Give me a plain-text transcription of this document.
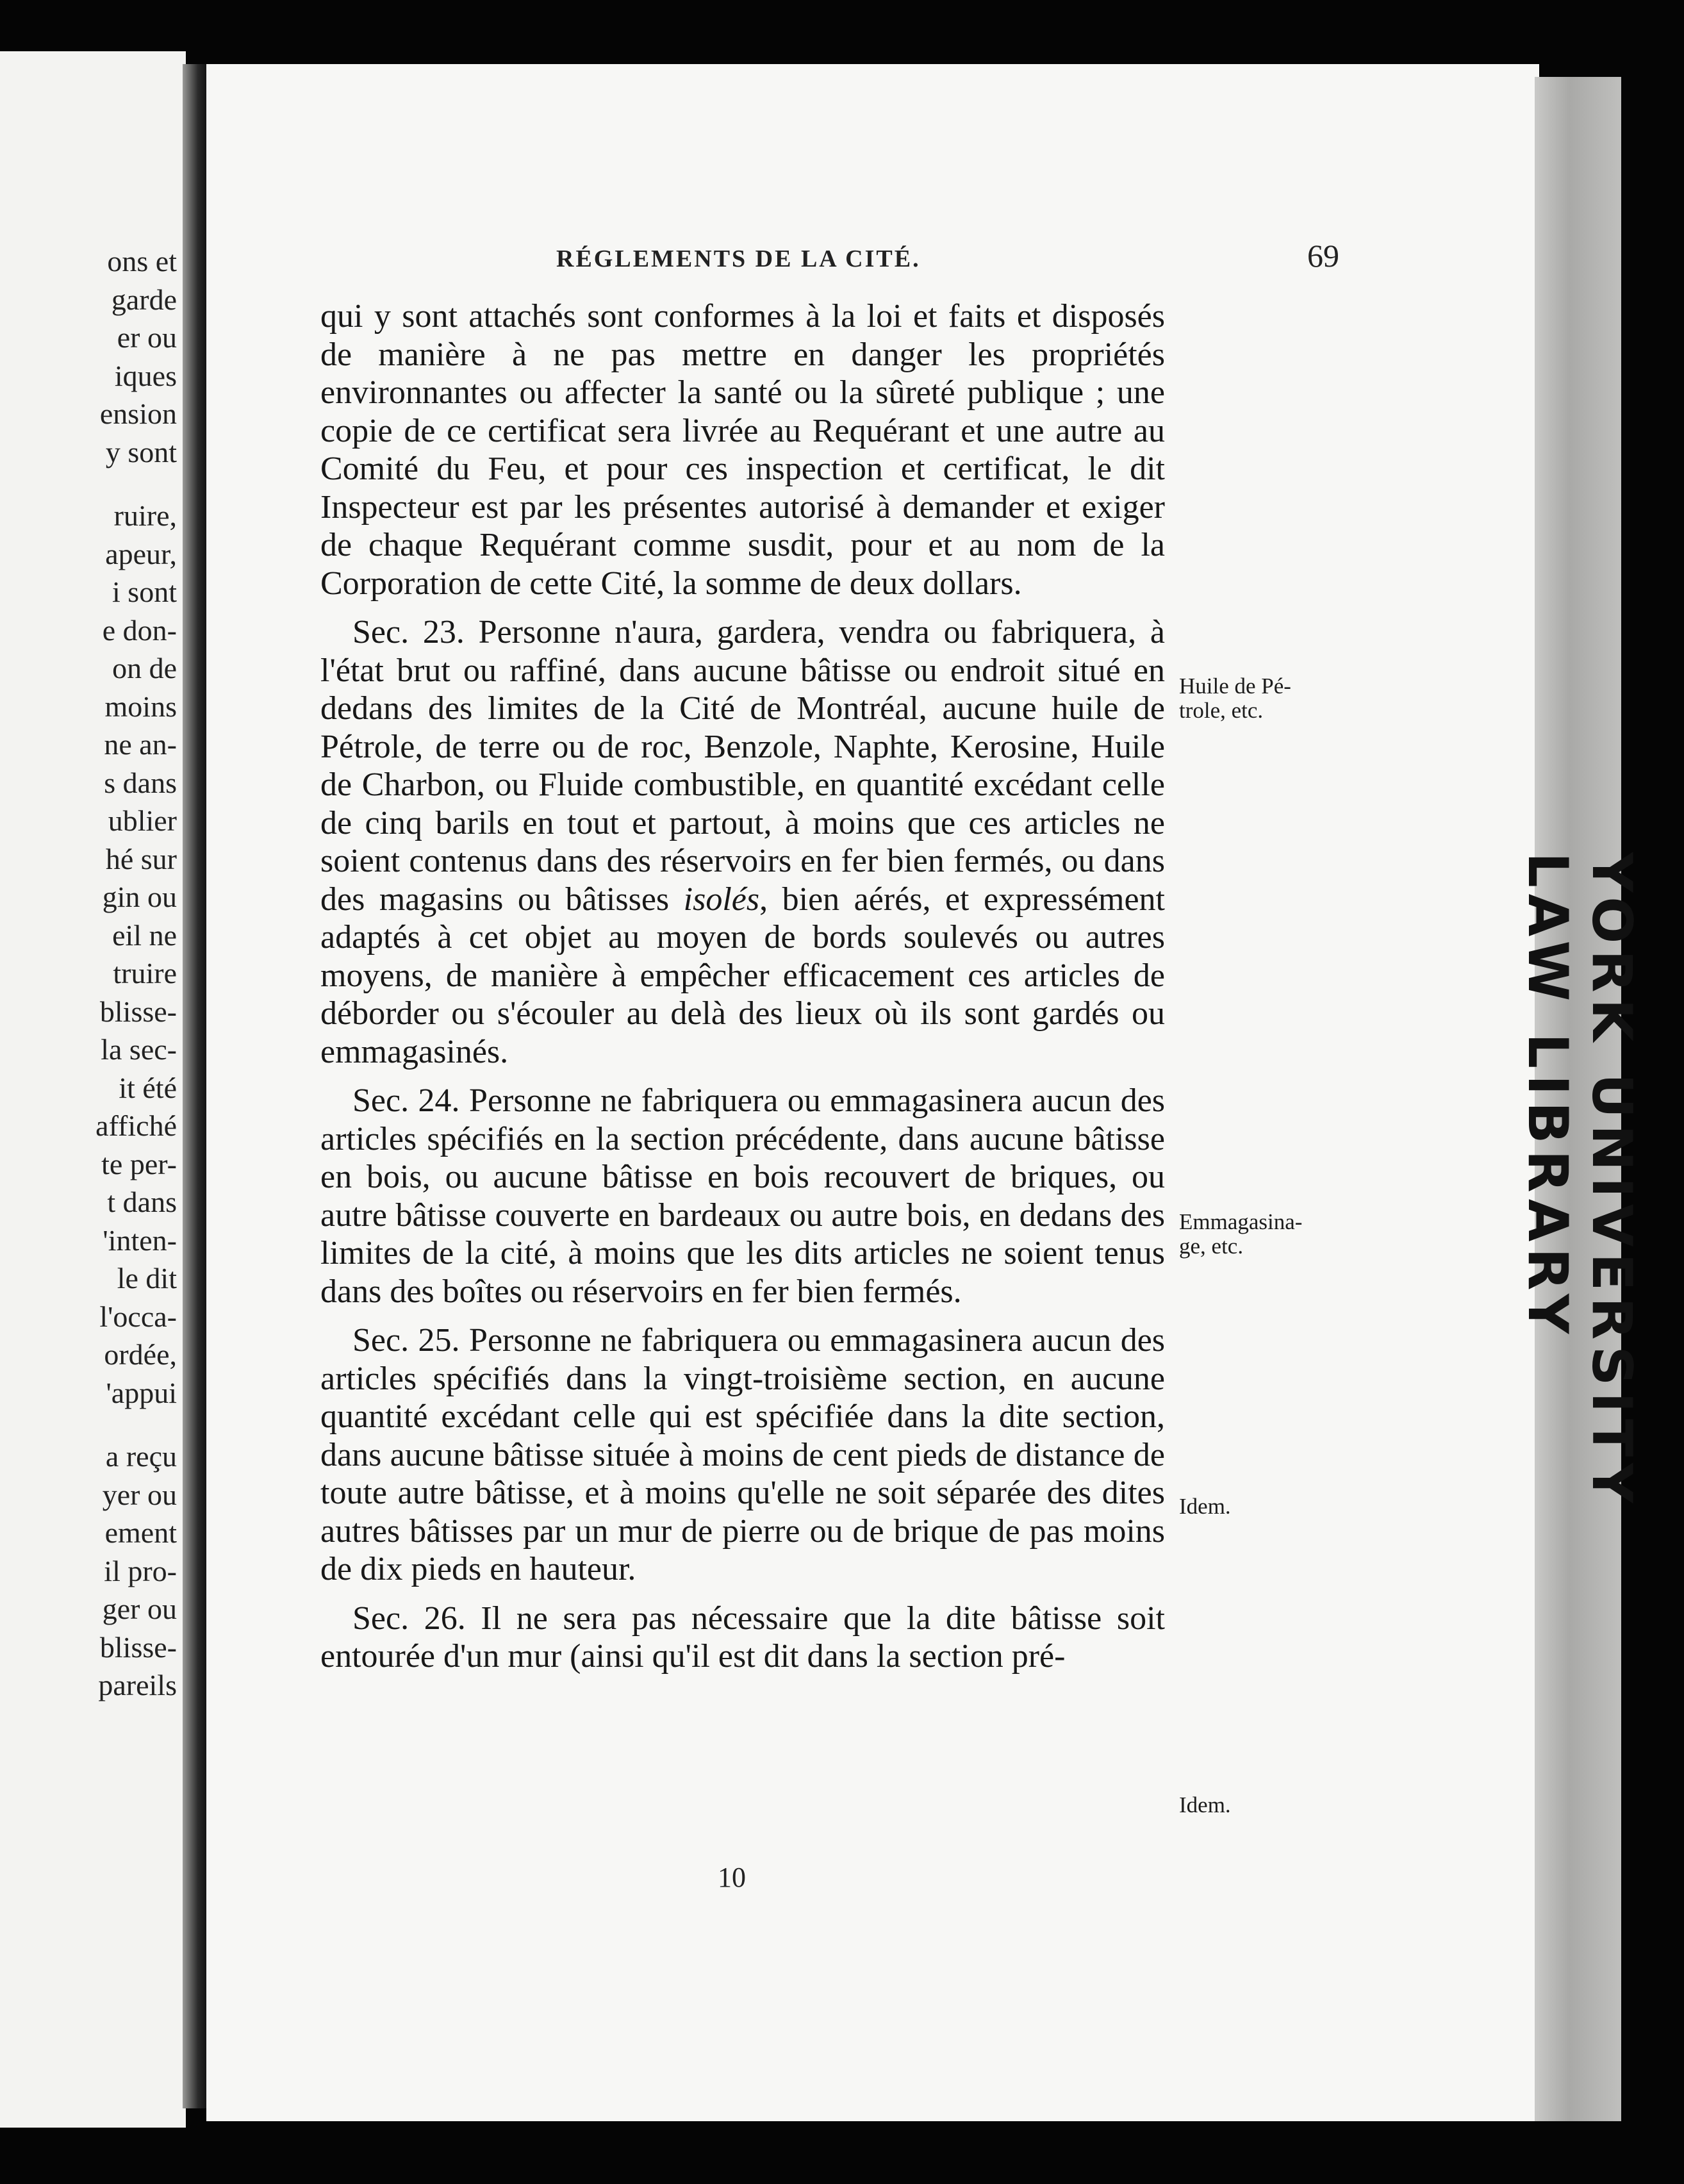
ons et
garde
er ou
iques
ension
y sont
ruire,
apeur,
i sont
e don-
on de
moins
ne an-
s dans
ublier
hé sur
gin ou
eil ne
truire
blisse-
la sec-
it été
affiché
te per-
t dans
'inten-
le dit
l'occa-
ordée,
'appui
a reçu
yer ou
ement
il pro-
ger ou
blisse-
pareils
YORK UNIVERSITY LAW LIBRARY
RÉGLEMENTS DE LA CITÉ.	69

qui y sont attachés sont conformes à la loi et faits et disposés de manière à ne pas mettre en danger les propriétés environnantes ou affecter la santé ou la sûreté publique ; une copie de ce certificat sera livrée au Requérant et une autre au Comité du Feu, et pour ces inspection et certificat, le dit Inspecteur est par les présentes autorisé à demander et exiger de chaque Requérant comme susdit, pour et au nom de la Corporation de cette Cité, la somme de deux dollars.

Sec. 23. Personne n'aura, gardera, vendra ou fabriquera, à l'état brut ou raffiné, dans aucune bâtisse ou endroit situé en dedans des limites de la Cité de Montréal, aucune huile de Pétrole, de terre ou de roc, Benzole, Naphte, Kerosine, Huile de Charbon, ou Fluide combustible, en quantité excédant celle de cinq barils en tout et partout, à moins que ces articles ne soient contenus dans des réservoirs en fer bien fermés, ou dans des magasins ou bâtisses isolés, bien aérés, et expressément adaptés à cet objet au moyen de bords soulevés ou autres moyens, de manière à empêcher efficacement ces articles de déborder ou s'écouler au delà des lieux où ils sont gardés ou emmagasinés.

Sec. 24. Personne ne fabriquera ou emmagasinera aucun des articles spécifiés en la section précédente, dans aucune bâtisse en bois, ou aucune bâtisse en bois recouvert de briques, ou autre bâtisse couverte en bardeaux ou autre bois, en dedans des limites de la cité, à moins que les dits articles ne soient tenus dans des boîtes ou réservoirs en fer bien fermés.

Sec. 25. Personne ne fabriquera ou emmagasinera aucun des articles spécifiés dans la vingt-troisième section, en aucune quantité excédant celle qui est spécifiée dans la dite section, dans aucune bâtisse située à moins de cent pieds de distance de toute autre bâtisse, et à moins qu'elle ne soit séparée des dites autres bâtisses par un mur de pierre ou de brique de pas moins de dix pieds en hauteur.

Sec. 26. Il ne sera pas nécessaire que la dite bâtisse soit entourée d'un mur (ainsi qu'il est dit dans la section pré-

Huile de Pé-
trole, etc.
Emmagasina-
ge, etc.
Idem.
Idem.
10
